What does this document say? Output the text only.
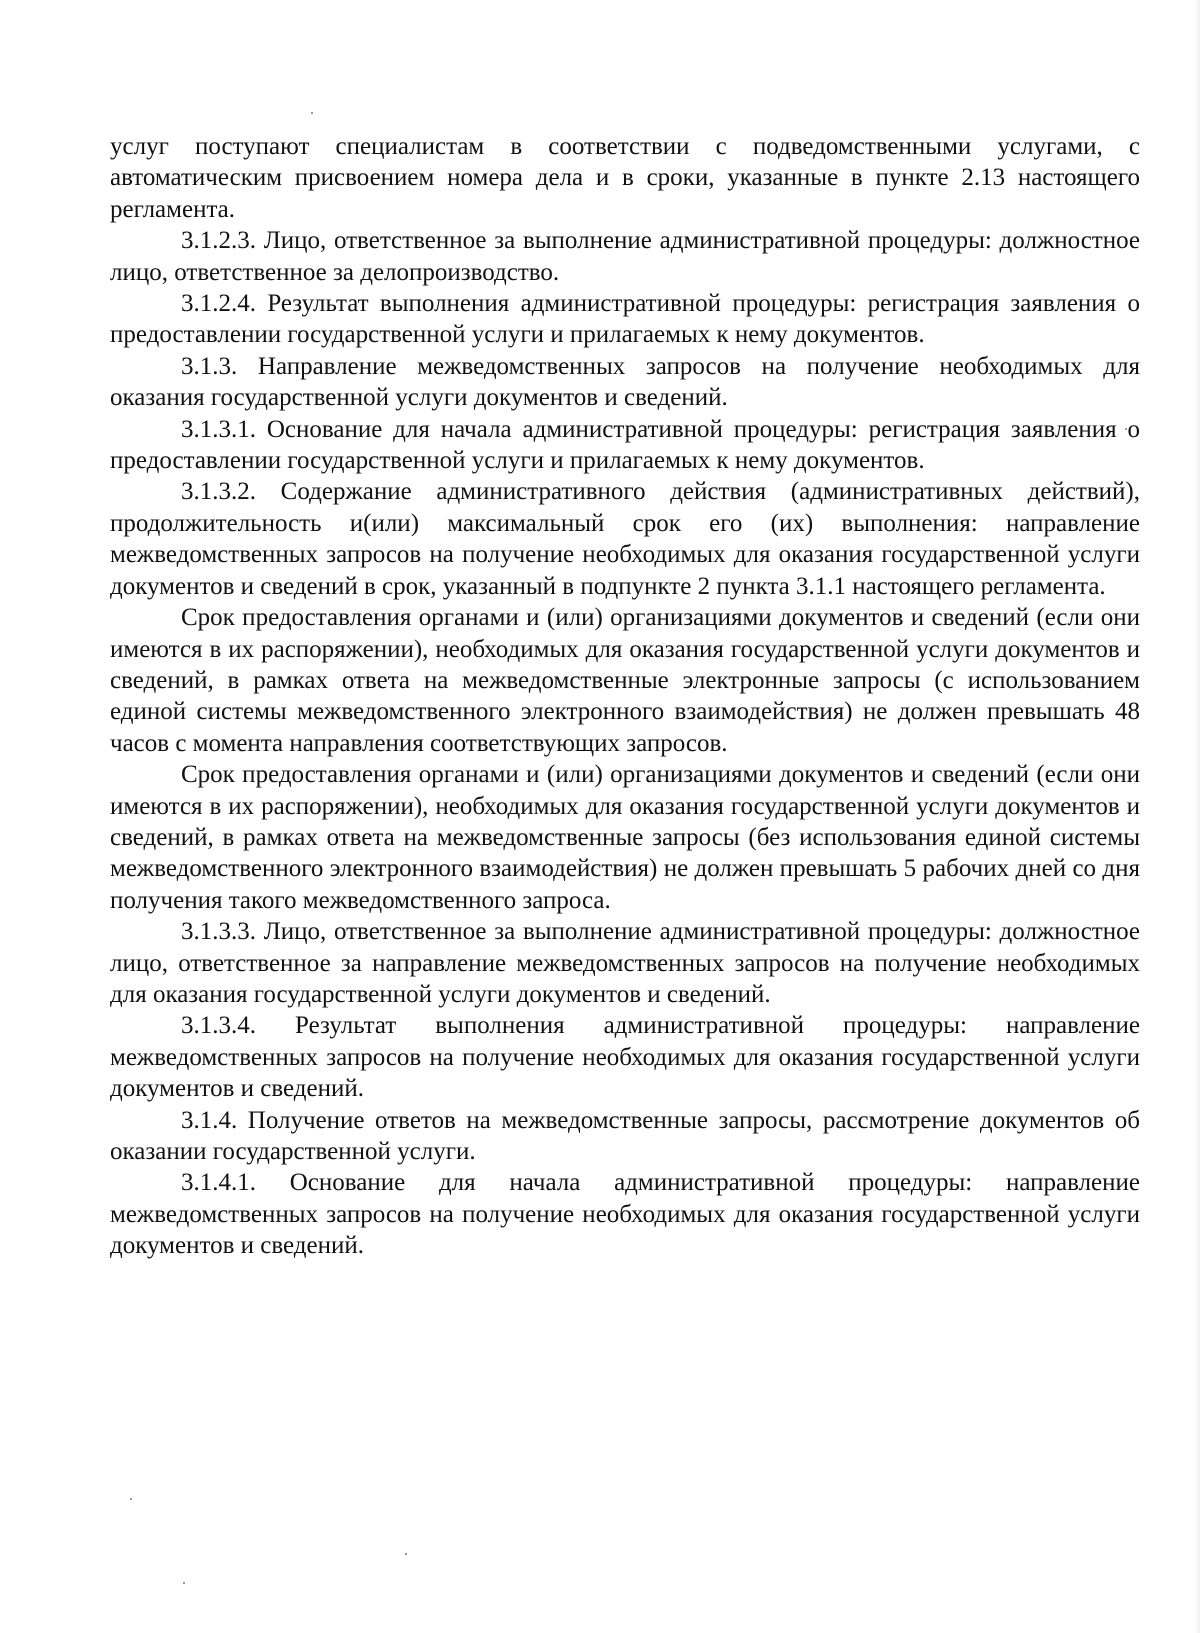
услуг поступают специалистам в соответствии с подведомственными услугами, с автоматическим присвоением номера дела и в сроки, указанные в пункте 2.13 настоящего регламента.

3.1.2.3. Лицо, ответственное за выполнение административной процедуры: должностное лицо, ответственное за делопроизводство.

3.1.2.4. Результат выполнения административной процедуры: регистрация заявления о предоставлении государственной услуги и прилагаемых к нему документов.

3.1.3. Направление межведомственных запросов на получение необходимых для оказания государственной услуги документов и сведений.

3.1.3.1. Основание для начала административной процедуры: регистрация заявления о предоставлении государственной услуги и прилагаемых к нему документов.

3.1.3.2. Содержание административного действия (административных действий), продолжительность и(или) максимальный срок его (их) выполнения: направление межведомственных запросов на получение необходимых для оказания государственной услуги документов и сведений в срок, указанный в подпункте 2 пункта 3.1.1 настоящего регламента.

Срок предоставления органами и (или) организациями документов и сведений (если они имеются в их распоряжении), необходимых для оказания государственной услуги документов и сведений, в рамках ответа на межведомственные электронные запросы (с использованием единой системы межведомственного электронного взаимодействия) не должен превышать 48 часов с момента направления соответствующих запросов.

Срок предоставления органами и (или) организациями документов и сведений (если они имеются в их распоряжении), необходимых для оказания государственной услуги документов и сведений, в рамках ответа на межведомственные запросы (без использования единой системы межведомственного электронного взаимодействия) не должен превышать 5 рабочих дней со дня получения такого межведомственного запроса.

3.1.3.3. Лицо, ответственное за выполнение административной процедуры: должностное лицо, ответственное за направление межведомственных запросов на получение необходимых для оказания государственной услуги документов и сведений.

3.1.3.4. Результат выполнения административной процедуры: направление межведомственных запросов на получение необходимых для оказания государственной услуги документов и сведений.

3.1.4. Получение ответов на межведомственные запросы, рассмотрение документов об оказании государственной услуги.

3.1.4.1. Основание для начала административной процедуры: направление межведомственных запросов на получение необходимых для оказания государственной услуги документов и сведений.
